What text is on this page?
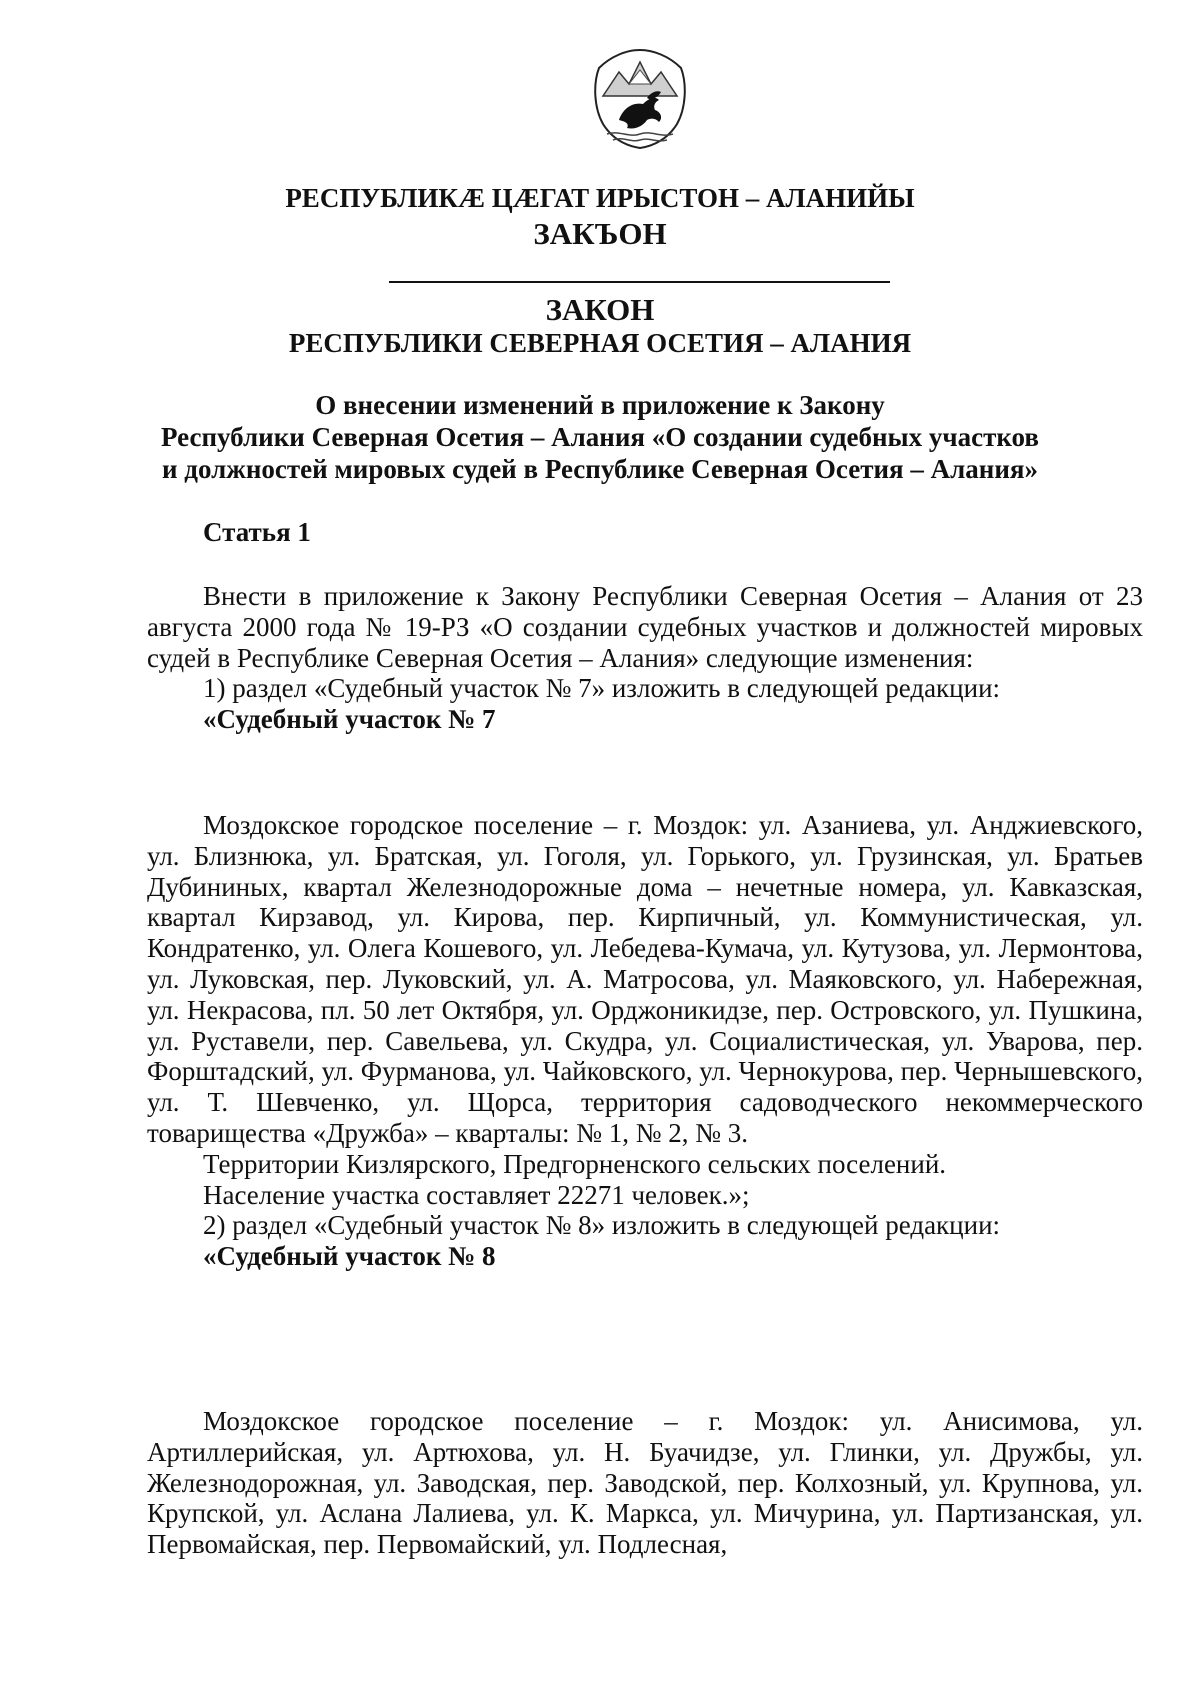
РЕСПУБЛИКÆ ЦÆГАТ ИРЫСТОН – АЛАНИЙЫ
ЗАКЪОН
ЗАКОН
РЕСПУБЛИКИ СЕВЕРНАЯ ОСЕТИЯ – АЛАНИЯ
О внесении изменений в приложение к Закону
Республики Северная Осетия – Алания «О создании судебных участков
и должностей мировых судей в Республике Северная Осетия – Алания»
Статья 1

Внести в приложение к Закону Республики Северная Осетия – Алания от 23 августа 2000 года № 19-РЗ «О создании судебных участков и должностей мировых судей в Республике Северная Осетия – Алания» следующие изменения:

1) раздел «Судебный участок № 7» изложить в следующей редакции:

«Судебный участок № 7

Моздокское городское поселение – г. Моздок: ул. Азаниева, ул. Анджиевского, ул. Близнюка, ул. Братская, ул. Гоголя, ул. Горького, ул. Грузинская, ул. Братьев Дубининых, квартал Железнодорожные дома – нечетные номера, ул. Кавказская, квартал Кирзавод, ул. Кирова, пер. Кирпичный, ул. Коммунистическая, ул. Кондратенко, ул. Олега Кошевого, ул. Лебедева-Кумача, ул. Кутузова, ул. Лермонтова, ул. Луковская, пер. Луковский, ул. А. Матросова, ул. Маяковского, ул. Набережная, ул. Некрасова, пл. 50 лет Октября, ул. Орджоникидзе, пер. Островского, ул. Пушкина, ул. Руставели, пер. Савельева, ул. Скудра, ул. Социалистическая, ул. Уварова, пер. Форштадский, ул. Фурманова, ул. Чайковского, ул. Чернокурова, пер. Чернышевского, ул. Т. Шевченко, ул. Щорса, территория садоводческого некоммерческого товарищества «Дружба» – кварталы: № 1, № 2, № 3.

Территории Кизлярского, Предгорненского сельских поселений.

Население участка составляет 22271 человек.»;

2) раздел «Судебный участок № 8» изложить в следующей редакции:

«Судебный участок № 8

Моздокское городское поселение – г. Моздок: ул. Анисимова, ул. Артиллерийская, ул. Артюхова, ул. Н. Буачидзе, ул. Глинки, ул. Дружбы, ул. Железнодорожная, ул. Заводская, пер. Заводской, пер. Колхозный, ул. Крупнова, ул. Крупской, ул. Аслана Лалиева, ул. К. Маркса, ул. Мичурина, ул. Партизанская, ул. Первомайская, пер. Первомайский, ул. Подлесная,
